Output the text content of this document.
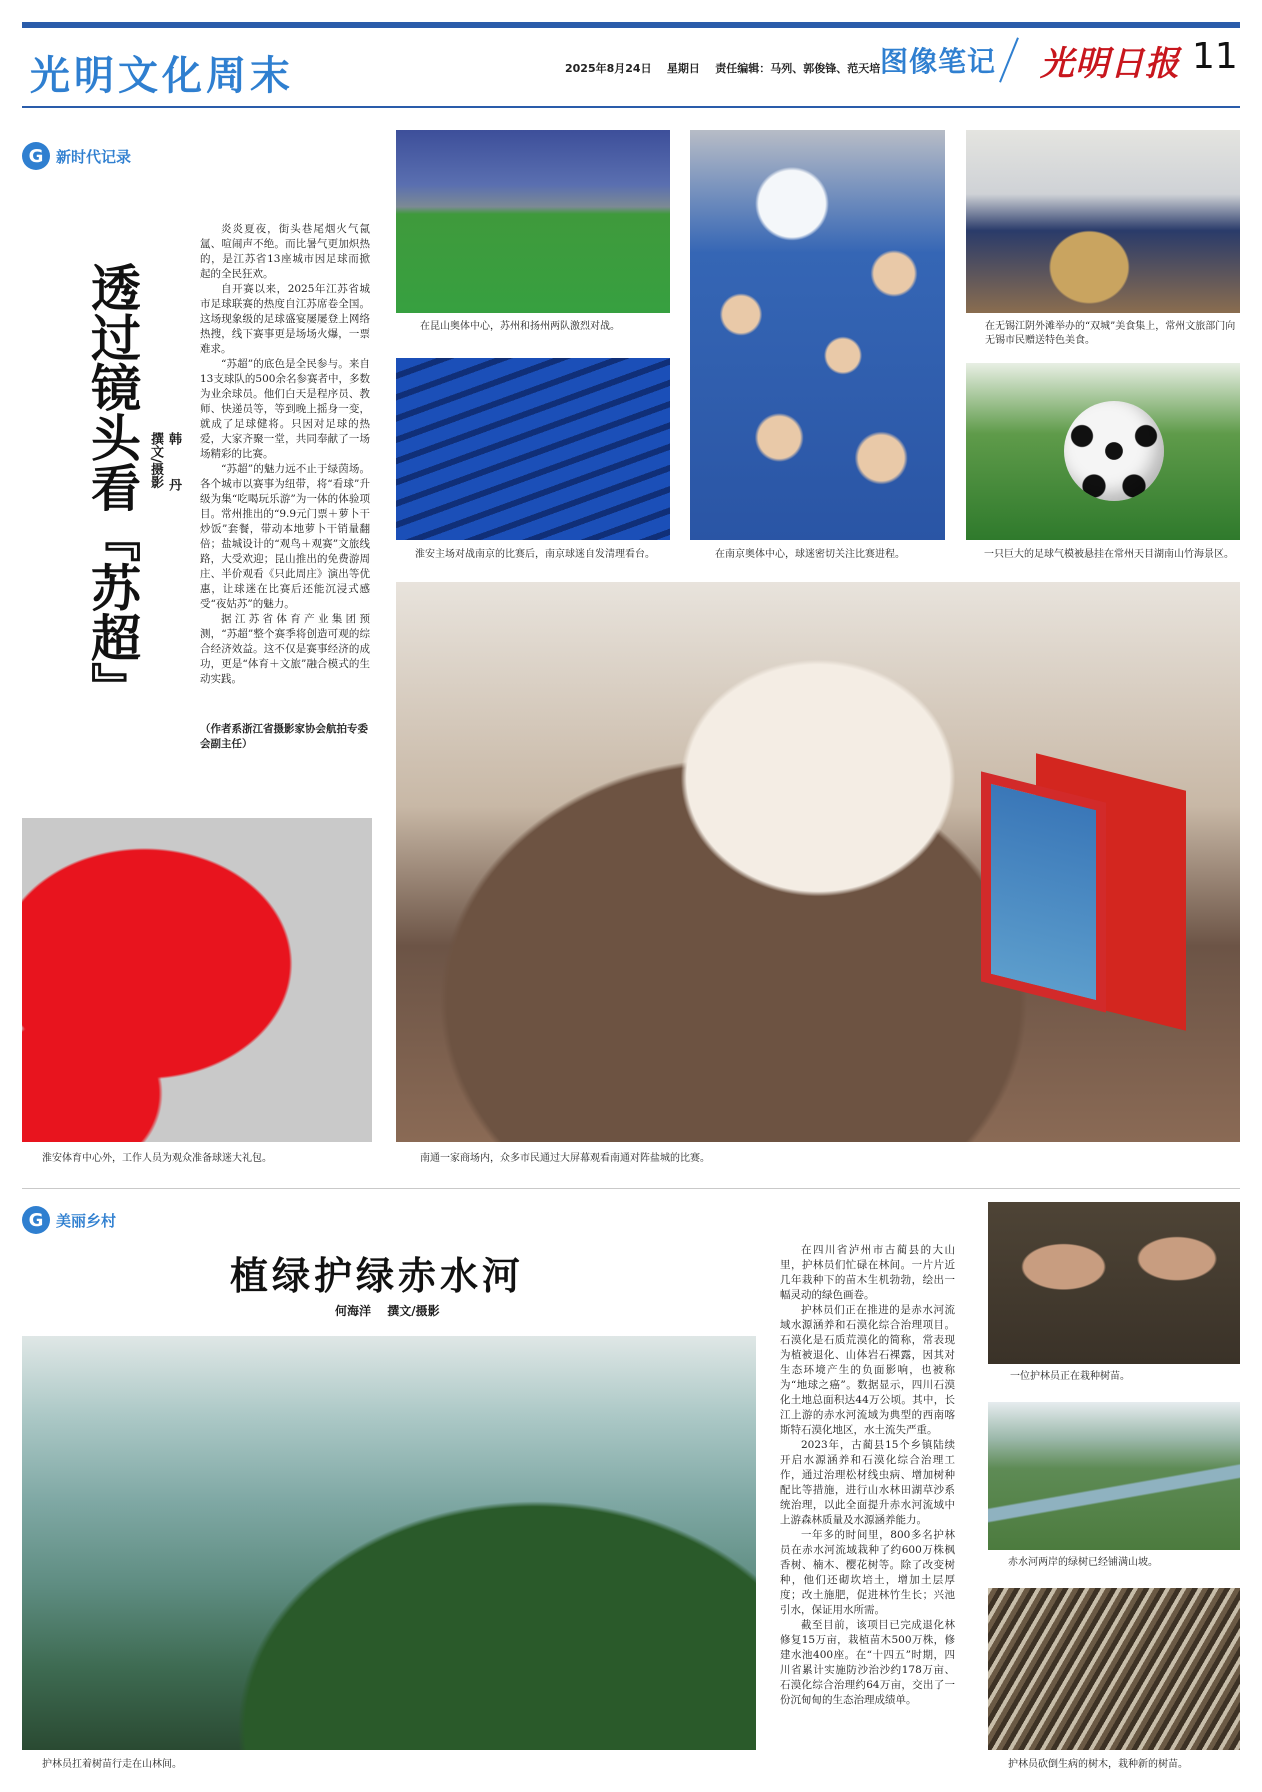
光明文化周末	2025年8月24日 星期日 责任编辑：马列、郭俊锋、范天培 图像笔记 光明日报 11
G 新时代记录
透过镜头看『苏超』	韩　丹
撰文/摄影

炎炎夏夜，街头巷尾烟火气氤氲、喧闹声不绝。而比暑气更加炽热的，是江苏省13座城市因足球而掀起的全民狂欢。

自开赛以来，2025年江苏省城市足球联赛的热度自江苏席卷全国。这场现象级的足球盛宴屡屡登上网络热搜，线下赛事更是场场火爆，一票难求。

“苏超”的底色是全民参与。来自13支球队的500余名参赛者中，多数为业余球员。他们白天是程序员、教师、快递员等，等到晚上摇身一变，就成了足球健将。只因对足球的热爱，大家齐聚一堂，共同奉献了一场场精彩的比赛。

“苏超”的魅力远不止于绿茵场。各个城市以赛事为纽带，将“看球”升级为集“吃喝玩乐游”为一体的体验项目。常州推出的“9.9元门票＋萝卜干炒饭”套餐，带动本地萝卜干销量翻倍；盐城设计的“观鸟＋观赛”文旅线路，大受欢迎；昆山推出的免费游周庄、半价观看《只此周庄》演出等优惠，让球迷在比赛后还能沉浸式感受“夜姑苏”的魅力。

据江苏省体育产业集团预测，“苏超”整个赛季将创造可观的综合经济效益。这不仅是赛事经济的成功，更是“体育＋文旅”融合模式的生动实践。

（作者系浙江省摄影家协会航拍专委会副主任）
在昆山奥体中心，苏州和扬州两队激烈对战。
在南京奥体中心，球迷密切关注比赛进程。
在无锡江阴外滩举办的“双城”美食集上，常州文旅部门向无锡市民赠送特色美食。
淮安主场对战南京的比赛后，南京球迷自发清理看台。	一只巨大的足球气模被悬挂在常州天目湖南山竹海景区。
南通一家商场内，众多市民通过大屏幕观看南通对阵盐城的比赛。
淮安体育中心外，工作人员为观众准备球迷大礼包。
G 美丽乡村
植绿护绿赤水河
何海洋 撰文/摄影
护林员扛着树苗行走在山林间。

在四川省泸州市古蔺县的大山里，护林员们忙碌在林间。一片片近几年栽种下的苗木生机勃勃，绘出一幅灵动的绿色画卷。

护林员们正在推进的是赤水河流域水源涵养和石漠化综合治理项目。石漠化是石质荒漠化的简称，常表现为植被退化、山体岩石裸露，因其对生态环境产生的负面影响，也被称为“地球之癌”。数据显示，四川石漠化土地总面积达44万公顷。其中，长江上游的赤水河流域为典型的西南喀斯特石漠化地区，水土流失严重。

2023年，古蔺县15个乡镇陆续开启水源涵养和石漠化综合治理工作，通过治理松材线虫病、增加树种配比等措施，进行山水林田湖草沙系统治理，以此全面提升赤水河流域中上游森林质量及水源涵养能力。

一年多的时间里，800多名护林员在赤水河流域栽种了约600万株枫香树、楠木、樱花树等。除了改变树种，他们还砌坎培土，增加土层厚度；改土施肥，促进林竹生长；兴池引水，保证用水所需。

截至目前，该项目已完成退化林修复15万亩，栽植苗木500万株，修建水池400座。在“十四五”时期，四川省累计实施防沙治沙约178万亩、石漠化综合治理约64万亩，交出了一份沉甸甸的生态治理成绩单。

一位护林员正在栽种树苗。
赤水河两岸的绿树已经铺满山坡。
护林员砍倒生病的树木，栽种新的树苗。
